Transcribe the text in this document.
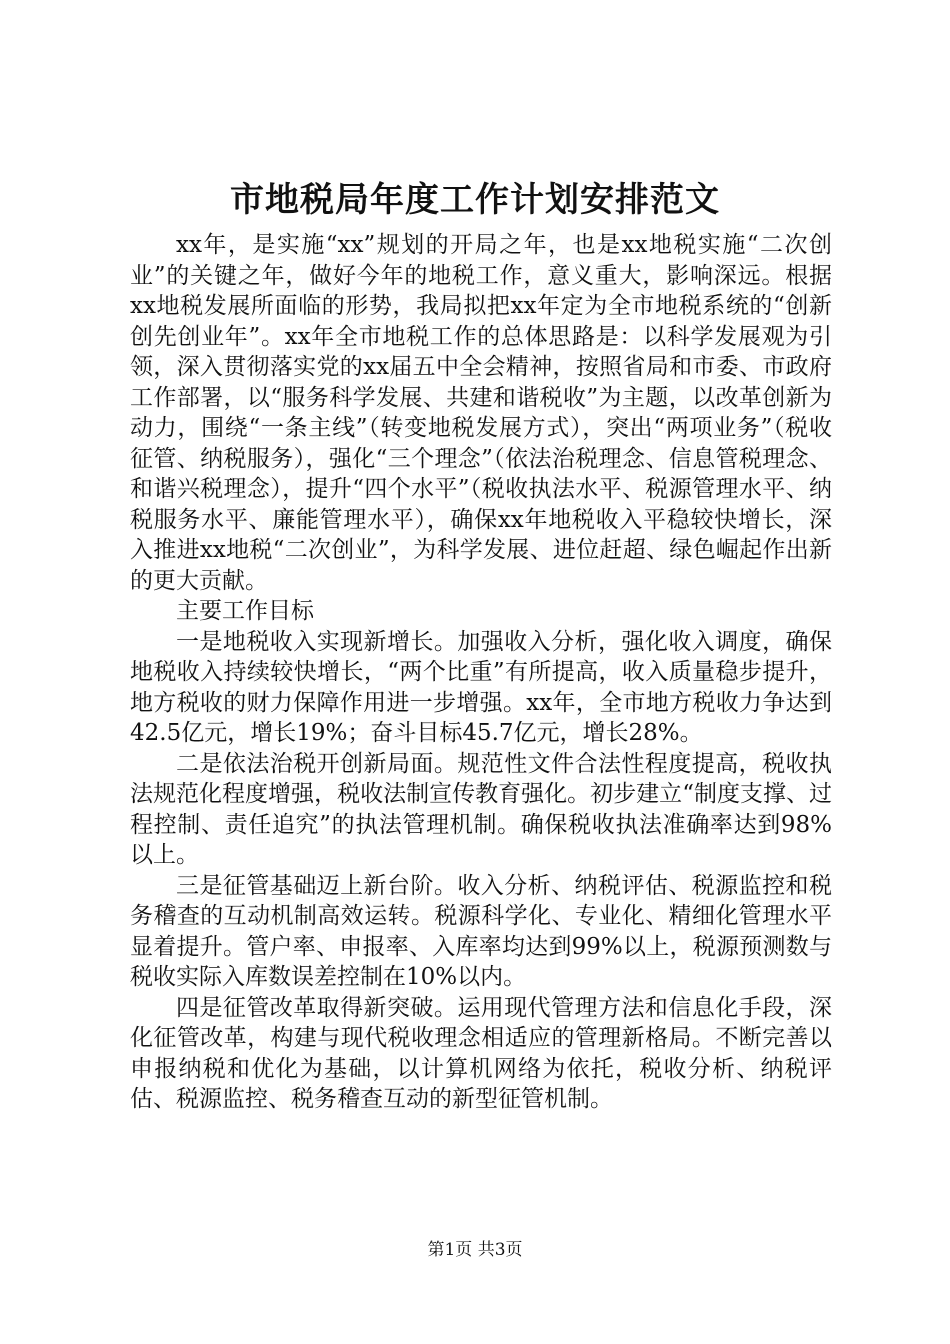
市地税局年度工作计划安排范文

xx年，是实施“xx”规划的开局之年，也是xx地税实施“二次创业”的关键之年，做好今年的地税工作，意义重大，影响深远。根据xx地税发展所面临的形势，我局拟把xx年定为全市地税系统的“创新创先创业年”。xx年全市地税工作的总体思路是：以科学发展观为引领，深入贯彻落实党的xx届五中全会精神，按照省局和市委、市政府工作部署，以“服务科学发展、共建和谐税收”为主题，以改革创新为动力，围绕“一条主线”（转变地税发展方式），突出“两项业务”（税收征管、纳税服务），强化“三个理念”（依法治税理念、信息管税理念、和谐兴税理念），提升“四个水平”（税收执法水平、税源管理水平、纳税服务水平、廉能管理水平），确保xx年地税收入平稳较快增长，深入推进xx地税“二次创业”，为科学发展、进位赶超、绿色崛起作出新的更大贡献。

主要工作目标

一是地税收入实现新增长。加强收入分析，强化收入调度，确保地税收入持续较快增长，“两个比重”有所提高，收入质量稳步提升，地方税收的财力保障作用进一步增强。xx年，全市地方税收力争达到42.5亿元，增长19%；奋斗目标45.7亿元，增长28%。

二是依法治税开创新局面。规范性文件合法性程度提高，税收执法规范化程度增强，税收法制宣传教育强化。初步建立“制度支撑、过程控制、责任追究”的执法管理机制。确保税收执法准确率达到98%以上。

三是征管基础迈上新台阶。收入分析、纳税评估、税源监控和税务稽查的互动机制高效运转。税源科学化、专业化、精细化管理水平显着提升。管户率、申报率、入库率均达到99%以上，税源预测数与税收实际入库数误差控制在10%以内。

四是征管改革取得新突破。运用现代管理方法和信息化手段，深化征管改革，构建与现代税收理念相适应的管理新格局。不断完善以申报纳税和优化为基础，以计算机网络为依托，税收分析、纳税评估、税源监控、税务稽查互动的新型征管机制。

第1页 共3页
